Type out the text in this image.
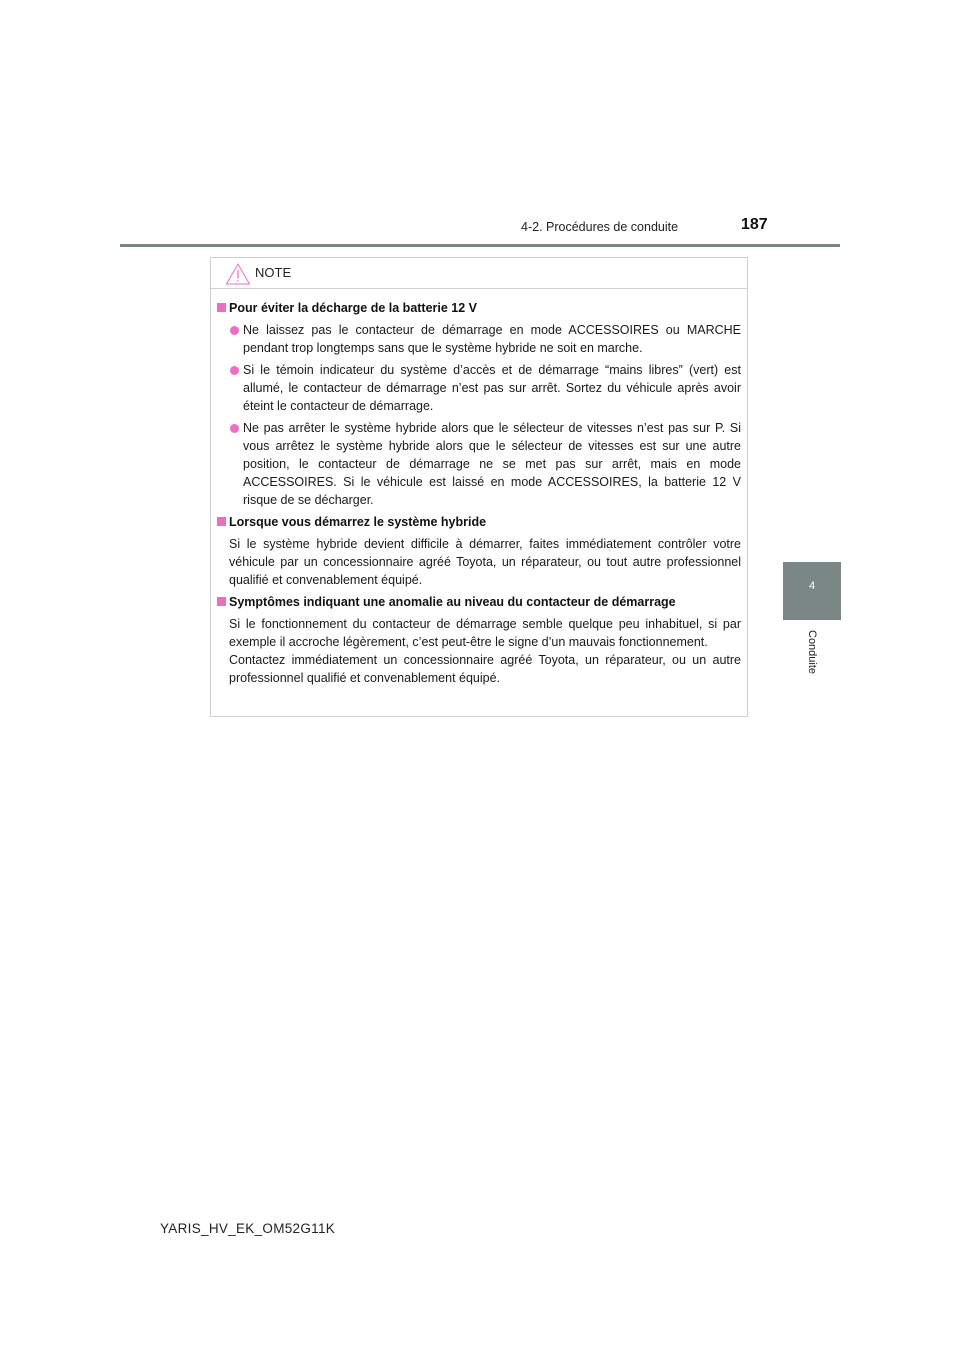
4-2. Procédures de conduite	187
4
Conduite
NOTE
Pour éviter la décharge de la batterie 12 V
Ne laissez pas le contacteur de démarrage en mode ACCESSOIRES ou MARCHE pendant trop longtemps sans que le système hybride ne soit en marche.
Si le témoin indicateur du système d’accès et de démarrage “mains libres” (vert) est allumé, le contacteur de démarrage n’est pas sur arrêt. Sortez du véhicule après avoir éteint le contacteur de démarrage.
Ne pas arrêter le système hybride alors que le sélecteur de vitesses n’est pas sur P. Si vous arrêtez le système hybride alors que le sélecteur de vitesses est sur une autre position, le contacteur de démarrage ne se met pas sur arrêt, mais en mode ACCESSOIRES. Si le véhicule est laissé en mode ACCESSOIRES, la batterie 12 V risque de se décharger.
Lorsque vous démarrez le système hybride
Si le système hybride devient difficile à démarrer, faites immédiatement contrôler votre véhicule par un concessionnaire agréé Toyota, un réparateur, ou tout autre professionnel qualifié et convenablement équipé.
Symptômes indiquant une anomalie au niveau du contacteur de démarrage
Si le fonctionnement du contacteur de démarrage semble quelque peu inhabituel, si par exemple il accroche légèrement, c’est peut-être le signe d’un mauvais fonctionnement.
Contactez immédiatement un concessionnaire agréé Toyota, un réparateur, ou un autre professionnel qualifié et convenablement équipé.
YARIS_HV_EK_OM52G11K
